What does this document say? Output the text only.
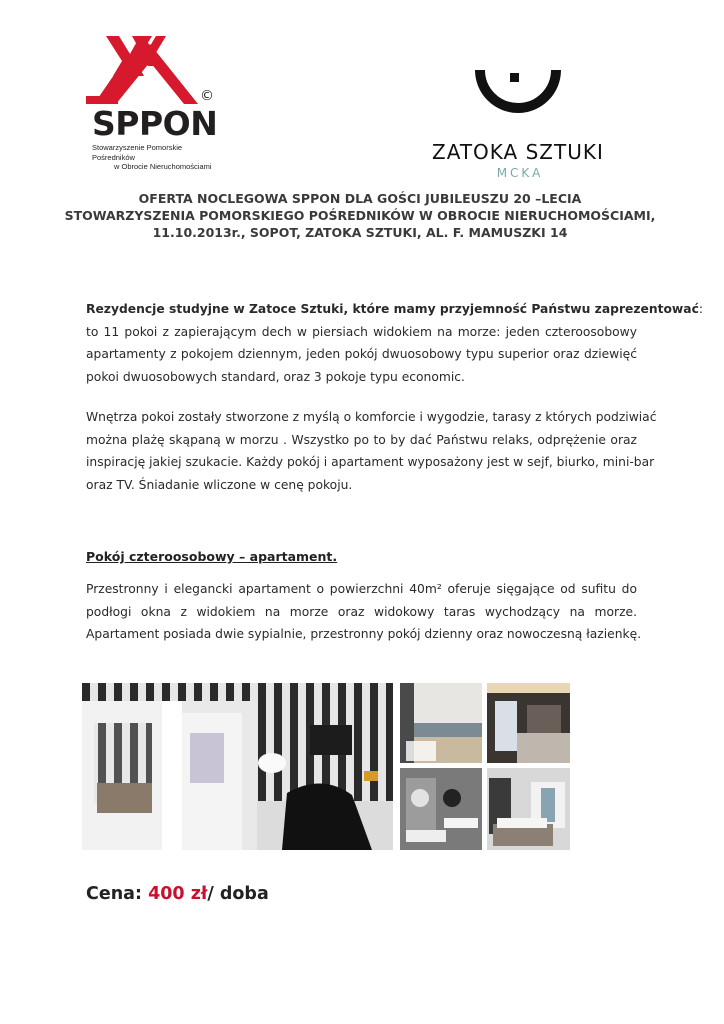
©
SPPON
Stowarzyszenie Pomorskie Pośredników
w Obrocie Nieruchomościami
ZATOKA SZTUKI
MCKA
OFERTA NOCLEGOWA SPPON DLA GOŚCI JUBILEUSZU 20 –LECIA
STOWARZYSZENIA POMORSKIEGO POŚREDNIKÓW W OBROCIE NIERUCHOMOŚCIAMI,
11.10.2013r., SOPOT, ZATOKA SZTUKI, AL. F. MAMUSZKI 14
Rezydencje studyjne w Zatoce Sztuki, które mamy przyjemność Państwu zaprezentować:
to 11 pokoi z zapierającym dech w piersiach widokiem na morze: jeden czteroosobowy
apartamenty z pokojem dziennym, jeden pokój dwuosobowy typu superior oraz dziewięć
pokoi dwuosobowych standard, oraz 3 pokoje typu economic.
Wnętrza pokoi zostały stworzone z myślą o komforcie i wygodzie, tarasy z których podziwiać
można plażę skąpaną w morzu . Wszystko po to by dać Państwu relaks, odprężenie oraz
inspirację jakiej szukacie. Każdy pokój i apartament wyposażony jest w sejf, biurko, mini-bar
oraz TV. Śniadanie wliczone w cenę pokoju.
Pokój czteroosobowy – apartament.
Przestronny i elegancki apartament o powierzchni 40m² oferuje sięgające od sufitu do
podłogi okna z widokiem na morze oraz widokowy taras wychodzący na morze.
Apartament posiada dwie sypialnie, przestronny pokój dzienny oraz nowoczesną łazienkę.
Cena: 400 zł/ doba
